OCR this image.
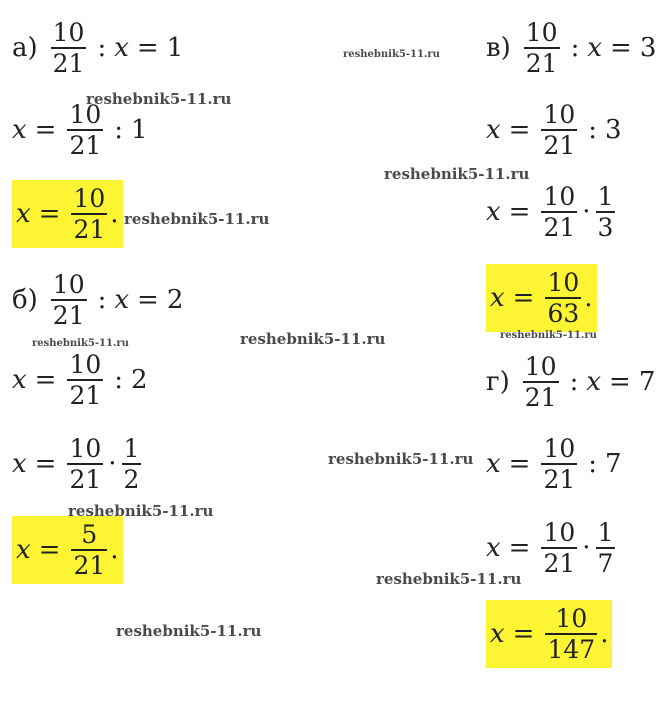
$а) \frac{10}{21}$ : x = 1
$x = \frac{10}{21}$ : 1
$x = \frac{10}{21}$ .
$б) \frac{10}{21}$ : x = 2
$x = \frac{10}{21}$ : 2
$x = \frac{10}{21} \cdot \frac{1}{2}$
$x = \frac{5}{21}$ .
$в) \frac{10}{21}$ : x = 3
$x = \frac{10}{21}$ : 3
$x = \frac{10}{21} \cdot \frac{1}{3}$
$x = \frac{10}{63}$ .
$г) \frac{10}{21}$ : x = 7
$x = \frac{10}{21}$ : 7
$x = \frac{10}{21} \cdot \frac{1}{7}$
$x = \frac{10}{147}$ .
reshebnik5-11.ru
reshebnik5-11.ru
reshebnik5-11.ru
reshebnik5-11.ru
reshebnik5-11.ru	reshebnik5-11.ru	reshebnik5-11.ru
reshebnik5-11.ru
reshebnik5-11.ru
reshebnik5-11.ru
reshebnik5-11.ru
